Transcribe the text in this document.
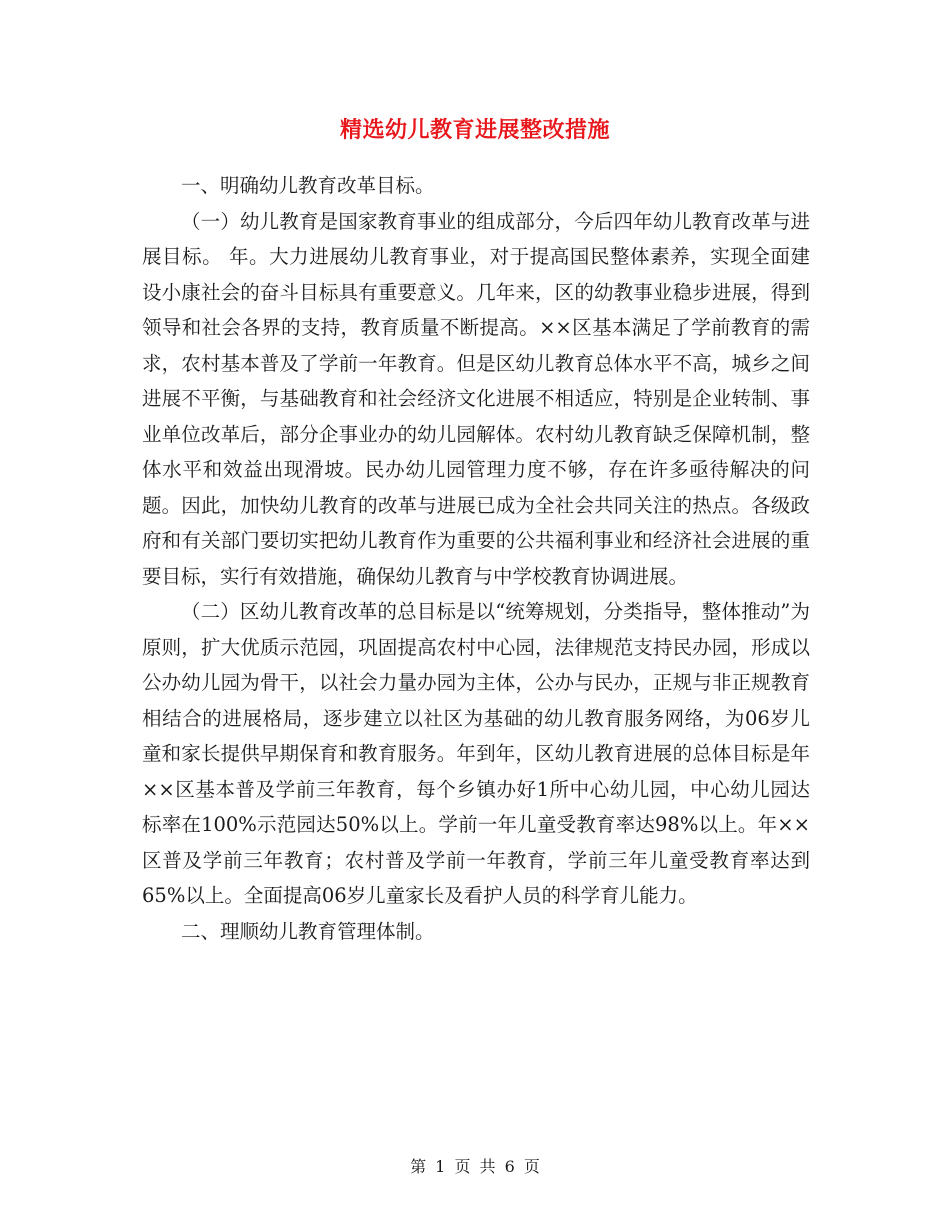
精选幼儿教育进展整改措施

一、明确幼儿教育改革目标。

（一）幼儿教育是国家教育事业的组成部分，今后四年幼儿教育改革与进展目标。 年。大力进展幼儿教育事业，对于提高国民整体素养，实现全面建设小康社会的奋斗目标具有重要意义。几年来，区的幼教事业稳步进展，得到领导和社会各界的支持，教育质量不断提高。××区基本满足了学前教育的需求，农村基本普及了学前一年教育。但是区幼儿教育总体水平不高，城乡之间进展不平衡，与基础教育和社会经济文化进展不相适应，特别是企业转制、事业单位改革后，部分企事业办的幼儿园解体。农村幼儿教育缺乏保障机制，整体水平和效益出现滑坡。民办幼儿园管理力度不够，存在许多亟待解决的问题。因此，加快幼儿教育的改革与进展已成为全社会共同关注的热点。各级政府和有关部门要切实把幼儿教育作为重要的公共福利事业和经济社会进展的重要目标，实行有效措施，确保幼儿教育与中学校教育协调进展。

（二）区幼儿教育改革的总目标是以“统筹规划，分类指导，整体推动”为原则，扩大优质示范园，巩固提高农村中心园，法律规范支持民办园，形成以公办幼儿园为骨干，以社会力量办园为主体，公办与民办，正规与非正规教育相结合的进展格局，逐步建立以社区为基础的幼儿教育服务网络，为06岁儿童和家长提供早期保育和教育服务。年到年，区幼儿教育进展的总体目标是年××区基本普及学前三年教育，每个乡镇办好1所中心幼儿园，中心幼儿园达标率在100%示范园达50%以上。学前一年儿童受教育率达98%以上。年××区普及学前三年教育；农村普及学前一年教育，学前三年儿童受教育率达到65%以上。全面提高06岁儿童家长及看护人员的科学育儿能力。

二、理顺幼儿教育管理体制。

第 1 页 共 6 页
